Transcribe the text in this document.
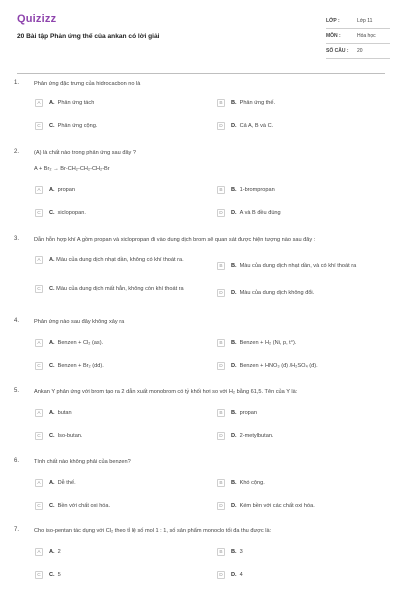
Quizizz
20 Bài tập Phản ứng thế của ankan có lời giải
LỚP :	Lớp 11
MÔN :	Hóa học
SỐ CÂU :	20
1.	Phản ứng đặc trưng của hidrocacbon no là
A	A. Phản ứng tách	B	B. Phản ứng thế.
C	C. Phản ứng cộng.	D	D. Cả A, B và C.
2.	(A) là chất nào trong phản ứng sau đây ?
A + Br₂ → Br-CH₂-CH₂-CH₂-Br
A	A. propan	B	B. 1-brompropan
C	C. xiclopopan.	D	D. A và B đều đúng
3.	Dẫn hỗn hợp khí A gồm propan và xiclopropan đi vào dung dịch brom sẽ quan sát được hiện tượng nào sau đây :
A	A. Màu của dung dịch nhạt dần, không có khí thoát ra.
B	B. Màu của dung dịch nhạt dần, và có khí thoát ra
C	C. Màu của dung dịch mất hẳn, không còn khí thoát ra
D	D. Màu của dung dịch không đổi.
4.	Phản ứng nào sau đây không xảy ra
A	A. Benzen + Cl₂ (as).	B	B. Benzen + H₂ (Ni, p, t°).
C	C. Benzen + Br₂ (dd).	D	D. Benzen + HNO₃ (đ) /H₂SO₄ (đ).
5.	Ankan Y phản ứng với brom tạo ra 2 dẫn xuất monobrom có tỷ khối hơi so với H₂ bằng 61,5. Tên của Y là:
A	A. butan	B	B. propan
C	C. Iso-butan.	D	D. 2-metylbutan.
6.	Tính chất nào không phải của benzen?
A	A. Dễ thế.	B	B. Khó cộng.
C	C. Bền với chất oxi hóa.	D	D. Kém bền với các chất oxi hóa.
7.	Cho iso-pentan tác dụng với Cl₂ theo tỉ lệ số mol 1 : 1, số sản phẩm monoclo tối đa thu được là:
A	A. 2	B	B. 3
C	C. 5	D	D. 4
